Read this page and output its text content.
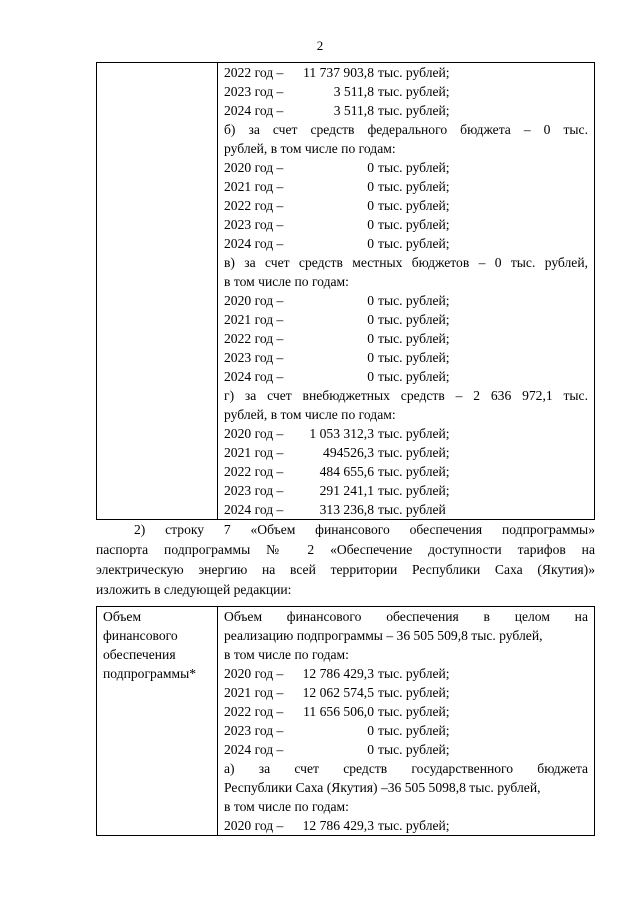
2

2022 год –	11 737 903,8 тыс. рублей;
2023 год –	3 511,8 тыс. рублей;
2024 год –	3 511,8 тыс. рублей;
б) за счет средств федерального бюджета – 0 тыс.
рублей, в том числе по годам:
2020 год –	0 тыс. рублей;
2021 год –	0 тыс. рублей;
2022 год –	0 тыс. рублей;
2023 год –	0 тыс. рублей;
2024 год –	0 тыс. рублей;
в) за счет средств местных бюджетов – 0 тыс. рублей,
в том числе по годам:
2020 год –	0 тыс. рублей;
2021 год –	0 тыс. рублей;
2022 год –	0 тыс. рублей;
2023 год –	0 тыс. рублей;
2024 год –	0 тыс. рублей;
г) за счет внебюджетных средств – 2 636 972,1 тыс.
рублей, в том числе по годам:
2020 год –	1 053 312,3 тыс. рублей;
2021 год –	494526,3 тыс. рублей;
2022 год –	484 655,6 тыс. рублей;
2023 год –	291 241,1 тыс. рублей;
2024 год –	313 236,8 тыс. рублей
2) строку 7 «Объем финансового обеспечения подпрограммы»
паспорта подпрограммы № 2 «Обеспечение доступности тарифов на
электрическую энергию на всей территории Республики Саха (Якутия)»
изложить в следующей редакции:
Объем
финансового
обеспечения
подпрограммы*

Объем финансового обеспечения в целом на
реализацию подпрограммы – 36 505 509,8 тыс. рублей,
в том числе по годам:
2020 год –	12 786 429,3 тыс. рублей;
2021 год –	12 062 574,5 тыс. рублей;
2022 год –	11 656 506,0 тыс. рублей;
2023 год –	0 тыс. рублей;
2024 год –	0 тыс. рублей;
а) за счет средств государственного бюджета
Республики Саха (Якутия) –36 505 5098,8 тыс. рублей,
в том числе по годам:
2020 год –	12 786 429,3 тыс. рублей;
